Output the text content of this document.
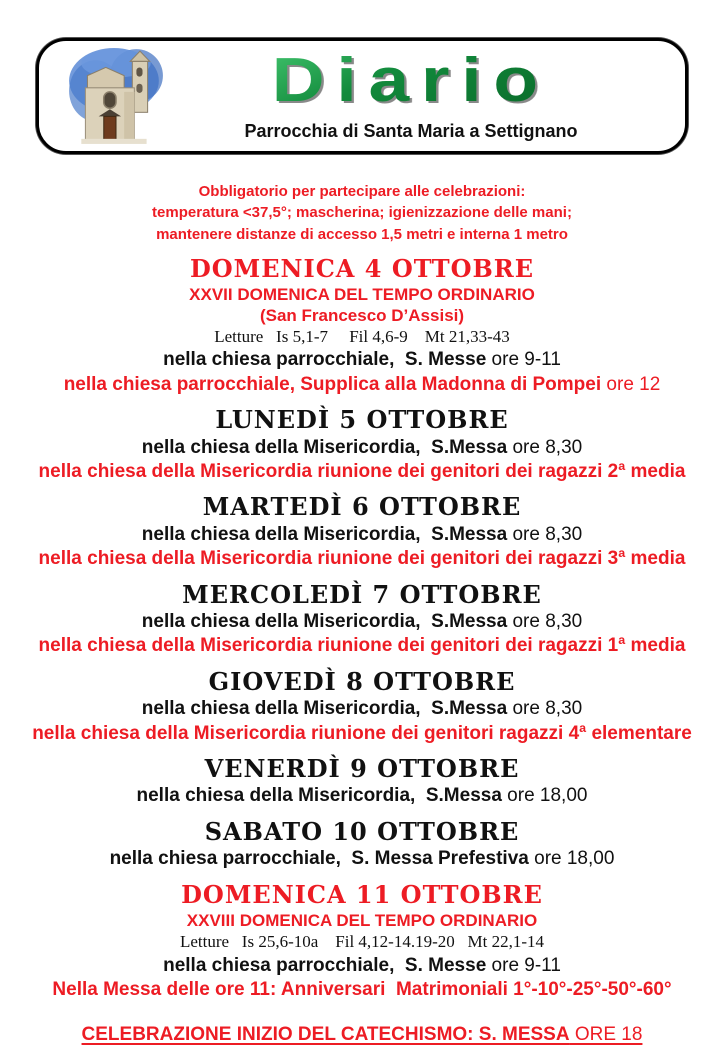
Diario
Parrocchia di Santa Maria a Settignano
Obbligatorio per partecipare alle celebrazioni:
temperatura <37,5°; mascherina; igienizzazione delle mani;
mantenere distanze di accesso 1,5 metri e interna 1 metro
DOMENICA 4 OTTOBRE

XXVII DOMENICA DEL TEMPO ORDINARIO

(San Francesco D’Assisi)

Letture   Is 5,1-7     Fil 4,6-9    Mt 21,33-43

nella chiesa parrocchiale,  S. Messe ore 9-11

nella chiesa parrocchiale, Supplica alla Madonna di Pompei ore 12

LUNEDÌ 5 OTTOBRE

nella chiesa della Misericordia,  S.Messa ore 8,30

nella chiesa della Misericordia riunione dei genitori dei ragazzi 2ª media

MARTEDÌ 6 OTTOBRE

nella chiesa della Misericordia,  S.Messa ore 8,30

nella chiesa della Misericordia riunione dei genitori dei ragazzi 3ª media

MERCOLEDÌ 7 OTTOBRE

nella chiesa della Misericordia,  S.Messa ore 8,30

nella chiesa della Misericordia riunione dei genitori dei ragazzi 1ª media

GIOVEDÌ 8 OTTOBRE

nella chiesa della Misericordia,  S.Messa ore 8,30

nella chiesa della Misericordia riunione dei genitori ragazzi 4ª elementare

VENERDÌ 9 OTTOBRE

nella chiesa della Misericordia,  S.Messa ore 18,00

SABATO 10 OTTOBRE

nella chiesa parrocchiale,  S. Messa Prefestiva ore 18,00

DOMENICA 11 OTTOBRE

XXVIII DOMENICA DEL TEMPO ORDINARIO

Letture   Is 25,6-10a    Fil 4,12-14.19-20   Mt 22,1-14

nella chiesa parrocchiale,  S. Messe ore 9-11

Nella Messa delle ore 11: Anniversari  Matrimoniali 1°-10°-25°-50°-60°

CELEBRAZIONE INIZIO DEL CATECHISMO: S. MESSA ORE 18
